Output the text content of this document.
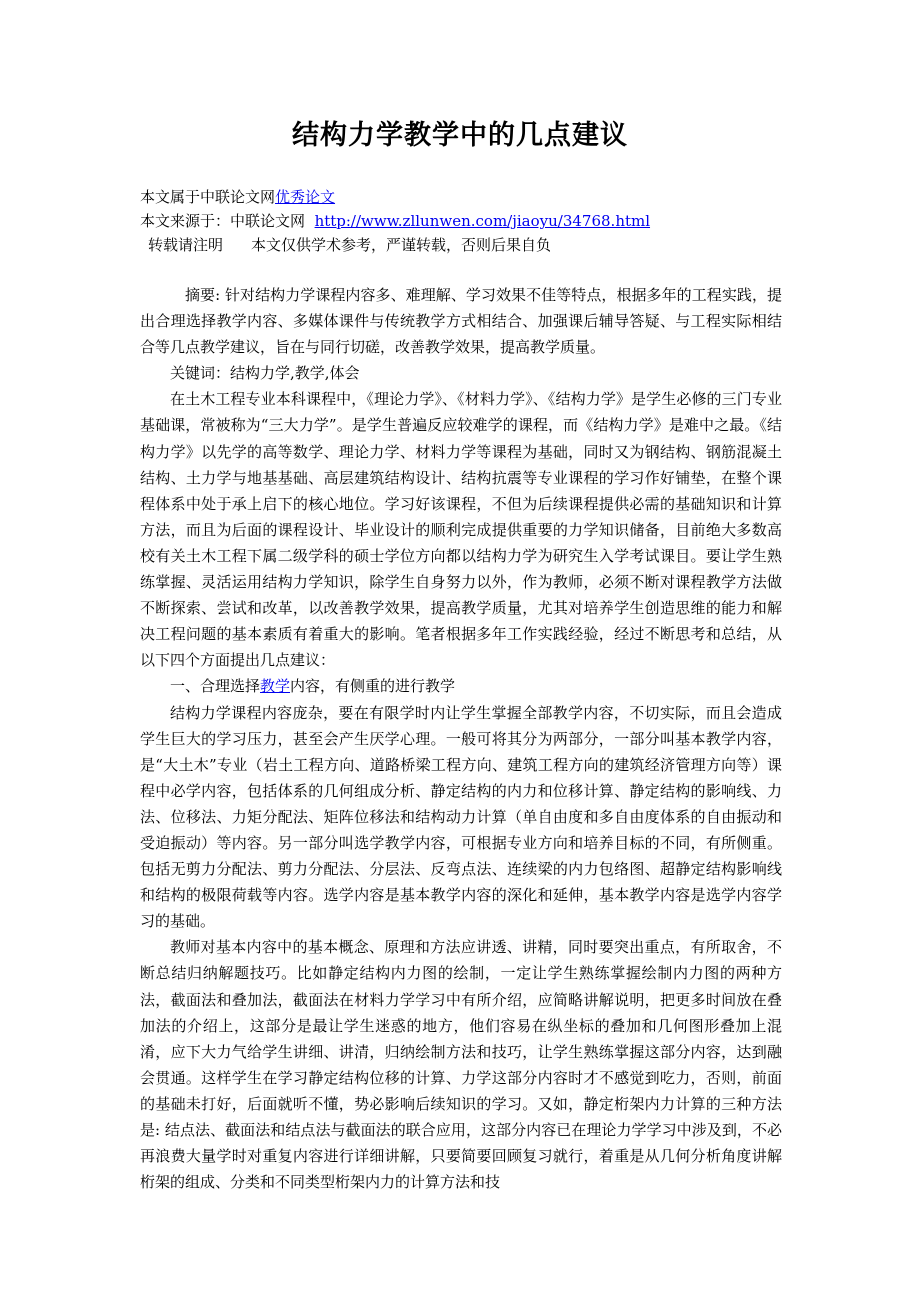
结构力学教学中的几点建议
本文属于中联论文网优秀论文
本文来源于：中联论文网 http://www.zllunwen.com/jiaoyu/34768.html
转载请注明 本文仅供学术参考，严谨转载，否则后果自负

摘要: 针对结构力学课程内容多、难理解、学习效果不佳等特点，根据多年的工程实践，提出合理选择教学内容、多媒体课件与传统教学方式相结合、加强课后辅导答疑、与工程实际相结合等几点教学建议，旨在与同行切磋，改善教学效果，提高教学质量。

关键词：结构力学,教学,体会

在土木工程专业本科课程中，《理论力学》、《材料力学》、《结构力学》是学生必修的三门专业基础课，常被称为“三大力学”。是学生普遍反应较难学的课程，而《结构力学》是难中之最。《结构力学》以先学的高等数学、理论力学、材料力学等课程为基础，同时又为钢结构、钢筋混凝土结构、土力学与地基基础、高层建筑结构设计、结构抗震等专业课程的学习作好铺垫，在整个课程体系中处于承上启下的核心地位。学习好该课程，不但为后续课程提供必需的基础知识和计算方法，而且为后面的课程设计、毕业设计的顺利完成提供重要的力学知识储备，目前绝大多数高校有关土木工程下属二级学科的硕士学位方向都以结构力学为研究生入学考试课目。要让学生熟练掌握、灵活运用结构力学知识，除学生自身努力以外，作为教师，必须不断对课程教学方法做不断探索、尝试和改革，以改善教学效果，提高教学质量，尤其对培养学生创造思维的能力和解决工程问题的基本素质有着重大的影响。笔者根据多年工作实践经验，经过不断思考和总结，从以下四个方面提出几点建议：

一、合理选择教学内容，有侧重的进行教学

结构力学课程内容庞杂，要在有限学时内让学生掌握全部教学内容，不切实际，而且会造成学生巨大的学习压力，甚至会产生厌学心理。一般可将其分为两部分，一部分叫基本教学内容，是“大土木”专业（岩土工程方向、道路桥梁工程方向、建筑工程方向的建筑经济管理方向等）课程中必学内容，包括体系的几何组成分析、静定结构的内力和位移计算、静定结构的影响线、力法、位移法、力矩分配法、矩阵位移法和结构动力计算（单自由度和多自由度体系的自由振动和受迫振动）等内容。另一部分叫选学教学内容，可根据专业方向和培养目标的不同，有所侧重。包括无剪力分配法、剪力分配法、分层法、反弯点法、连续梁的内力包络图、超静定结构影响线和结构的极限荷载等内容。选学内容是基本教学内容的深化和延伸，基本教学内容是选学内容学习的基础。

教师对基本内容中的基本概念、原理和方法应讲透、讲精，同时要突出重点，有所取舍，不断总结归纳解题技巧。比如静定结构内力图的绘制，一定让学生熟练掌握绘制内力图的两种方法，截面法和叠加法，截面法在材料力学学习中有所介绍，应简略讲解说明，把更多时间放在叠加法的介绍上，这部分是最让学生迷惑的地方，他们容易在纵坐标的叠加和几何图形叠加上混淆，应下大力气给学生讲细、讲清，归纳绘制方法和技巧，让学生熟练掌握这部分内容，达到融会贯通。这样学生在学习静定结构位移的计算、力学这部分内容时才不感觉到吃力，否则，前面的基础未打好，后面就听不懂，势必影响后续知识的学习。又如，静定桁架内力计算的三种方法是: 结点法、截面法和结点法与截面法的联合应用，这部分内容已在理论力学学习中涉及到，不必再浪费大量学时对重复内容进行详细讲解，只要简要回顾复习就行，着重是从几何分析角度讲解桁架的组成、分类和不同类型桁架内力的计算方法和技
